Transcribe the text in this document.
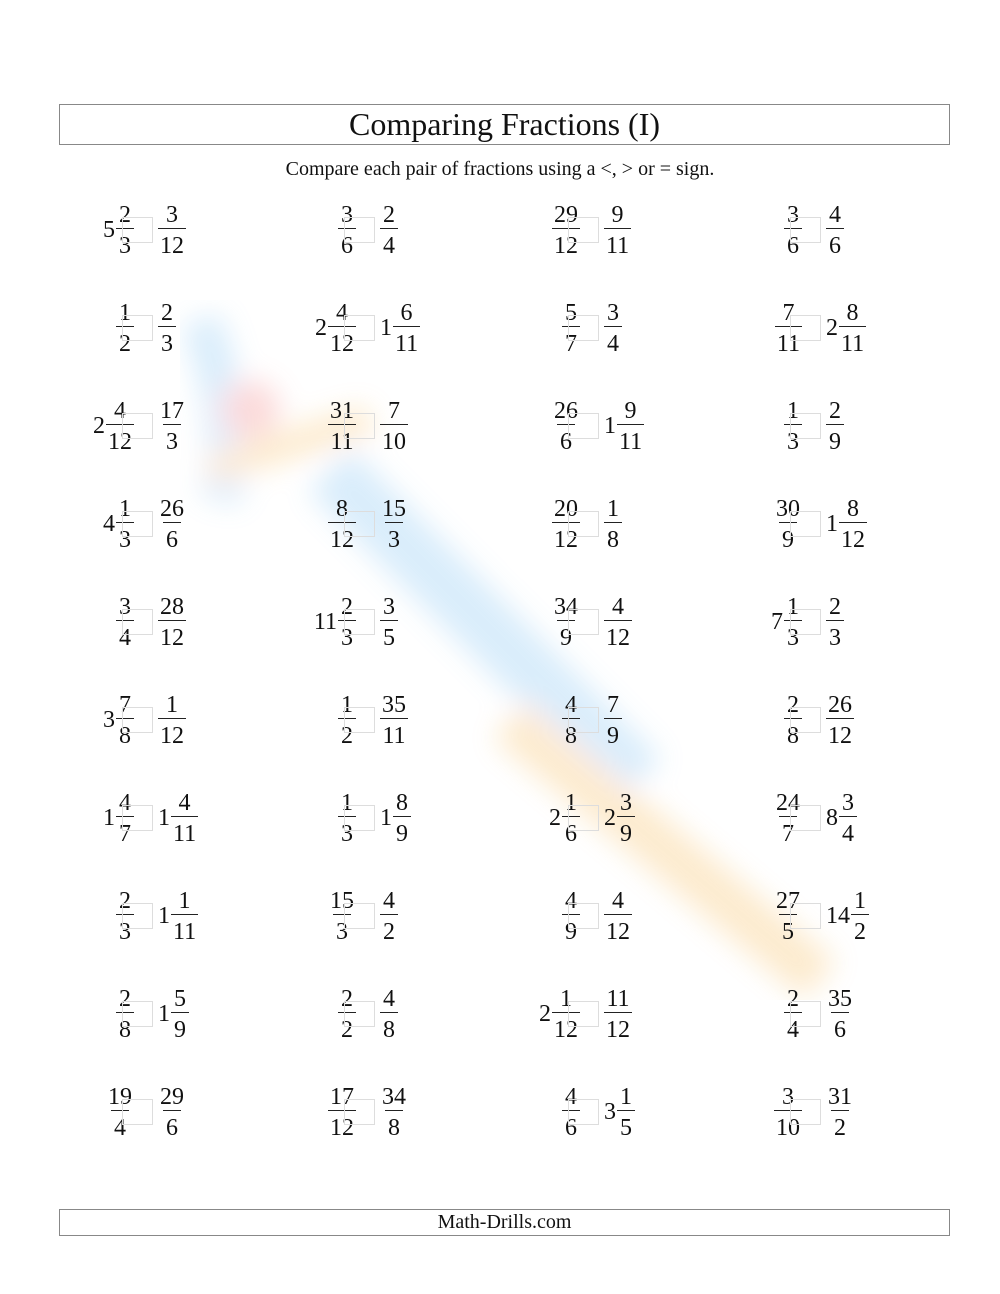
Comparing Fractions (I)
Compare each pair of fractions using a <, > or = sign.
$5 \frac{2}{3} \frac{3}{12}$	$\frac{3}{6} \frac{2}{4}$	$\frac{29}{12} \frac{9}{11}$	$\frac{3}{6} \frac{4}{6}$
$\frac{1}{2} \frac{2}{3}$	$2 \frac{4}{12} 1 \frac{6}{11}$	$\frac{5}{7} \frac{3}{4}$	$\frac{7}{11} 2 \frac{8}{11}$
$2 \frac{4}{12} \frac{17}{3}$	$\frac{31}{11} \frac{7}{10}$	$\frac{26}{6} 1 \frac{9}{11}$	$\frac{1}{3} \frac{2}{9}$
$4 \frac{1}{3} \frac{26}{6}$	$\frac{8}{12} \frac{15}{3}$	$\frac{20}{12} \frac{1}{8}$	$\frac{30}{9} 1 \frac{8}{12}$
$\frac{3}{4} \frac{28}{12}$	$11 \frac{2}{3} \frac{3}{5}$	$\frac{34}{9} \frac{4}{12}$	$7 \frac{1}{3} \frac{2}{3}$
$3 \frac{7}{8} \frac{1}{12}$	$\frac{1}{2} \frac{35}{11}$	$\frac{4}{8} \frac{7}{9}$	$\frac{2}{8} \frac{26}{12}$
$1 \frac{4}{7} 1 \frac{4}{11}$	$\frac{1}{3} 1 \frac{8}{9}$	$2 \frac{1}{6} 2 \frac{3}{9}$	$\frac{24}{7} 8 \frac{3}{4}$
$\frac{2}{3} 1 \frac{1}{11}$	$\frac{15}{3} \frac{4}{2}$	$\frac{4}{9} \frac{4}{12}$	$\frac{27}{5} 14 \frac{1}{2}$
$\frac{2}{8} 1 \frac{5}{9}$	$\frac{2}{2} \frac{4}{8}$	$2 \frac{1}{12} \frac{11}{12}$	$\frac{2}{4} \frac{35}{6}$
$\frac{19}{4} \frac{29}{6}$	$\frac{17}{12} \frac{34}{8}$	$\frac{4}{6} 3 \frac{1}{5}$	$\frac{3}{10} \frac{31}{2}$
Math-Drills.com
